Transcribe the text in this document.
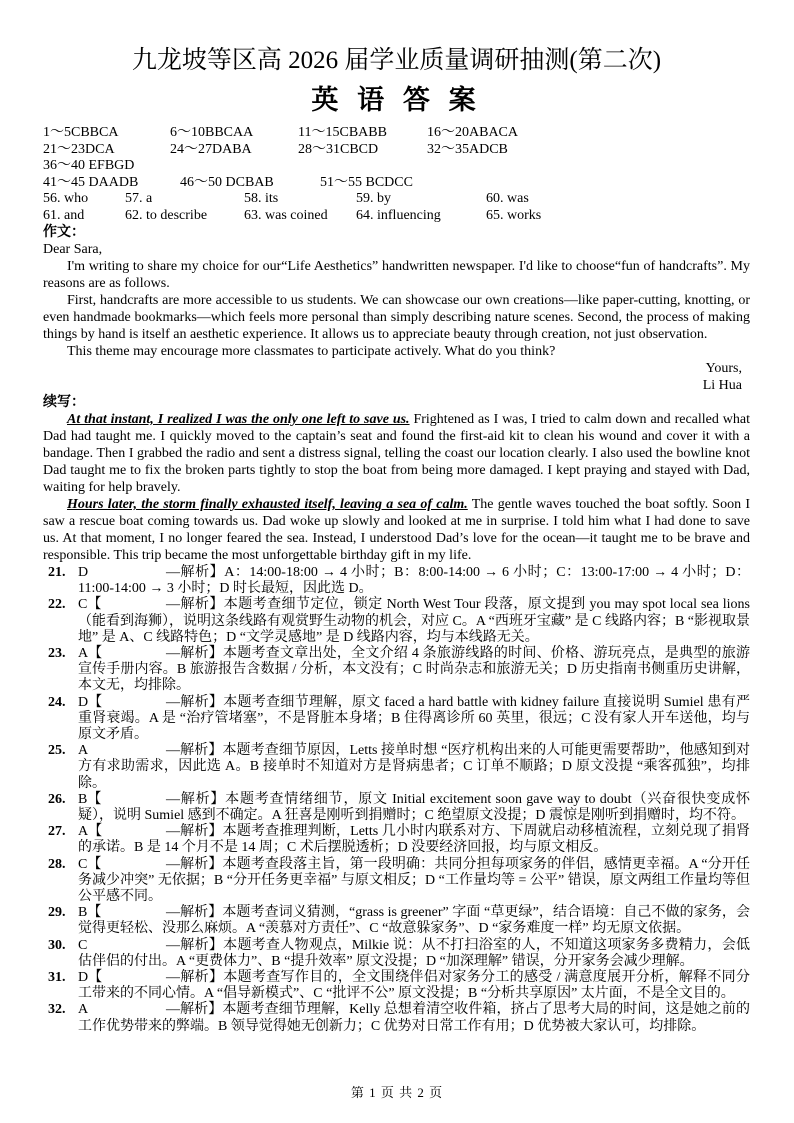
九龙坡等区高 2026 届学业质量调研抽测(第二次)
英 语 答 案
1～5CBBCA	6～10BBCAA	11～15CBABB	16～20ABACA
21～23DCA	24～27DABA	28～31CBCD	32～35ADCB
36～40 EFBGD
41～45 DAADB	46～50 DCBAB	51～55 BCDCC
56. who	57. a	58. its	59. by	60. was
61. and	62. to describe	63. was coined	64. influencing	65. works
作文：

Dear Sara,

I'm writing to share my choice for our“Life Aesthetics” handwritten newspaper. I'd like to choose“fun of handcrafts”. My reasons are as follows.

First, handcrafts are more accessible to us students. We can showcase our own creations—like paper-cutting, knotting, or even handmade bookmarks—which feels more personal than simply describing nature scenes. Second, the process of making things by hand is itself an aesthetic experience. It allows us to appreciate beauty through creation, not just observation.

This theme may encourage more classmates to participate actively. What do you think?

Yours,

Li Hua

续写：

At that instant, I realized I was the only one left to save us. Frightened as I was, I tried to calm down and recalled what Dad had taught me. I quickly moved to the captain’s seat and found the first-aid kit to clean his wound and cover it with a bandage. Then I grabbed the radio and sent a distress signal, telling the coast our location clearly. I also used the bowline knot Dad taught me to fix the broken parts tightly to stop the boat from being more damaged. I kept praying and stayed with Dad, waiting for help bravely.

Hours later, the storm finally exhausted itself, leaving a sea of calm. The gentle waves touched the boat softly. Soon I saw a rescue boat coming towards us. Dad woke up slowly and looked at me in surprise. I told him what I had done to save us. At that moment, I no longer feared the sea. Instead, I understood Dad’s love for the ocean—it taught me to be brave and responsible. This trip became the most unforgettable birthday gift in my life.

21. D	—解析】A：14:00-18:00 → 4 小时；B：8:00-14:00 → 6 小时；C：13:00-17:00 → 4 小时；D：11:00-14:00 → 3 小时；D 时长最短，因此选 D。
22. C【	—解析】本题考查细节定位，锁定 North West Tour 段落，原文提到 you may spot local sea lions（能看到海狮），说明这条线路有观赏野生动物的机会，对应 C。A “西班牙宝藏” 是 C 线路内容；B “影视取景地” 是 A、C 线路特色；D “文学灵感地” 是 D 线路内容，均与本线路无关。
23. A【	—解析】本题考查文章出处，全文介绍 4 条旅游线路的时间、价格、游玩亮点，是典型的旅游宣传手册内容。B 旅游报告含数据 / 分析，本文没有；C 时尚杂志和旅游无关；D 历史指南书侧重历史讲解，本文无，均排除。
24. D【	—解析】本题考查细节理解，原文 faced a hard battle with kidney failure 直接说明 Sumiel 患有严重肾衰竭。A 是 “治疗管堵塞”，不是肾脏本身堵；B 住得离诊所 60 英里，很远；C 没有家人开车送他，均与原文矛盾。
25. A	—解析】本题考查细节原因，Letts 接单时想 “医疗机构出来的人可能更需要帮助”，他感知到对方有求助需求，因此选 A。B 接单时不知道对方是肾病患者；C 订单不顺路；D 原文没提 “乘客孤独”，均排除。
26. B【	—解析】本题考查情绪细节，原文 Initial excitement soon gave way to doubt（兴奋很快变成怀疑），说明 Sumiel 感到不确定。A 狂喜是刚听到捐赠时；C 绝望原文没提；D 震惊是刚听到捐赠时，均不符。
27. A【	—解析】本题考查推理判断，Letts 几小时内联系对方、下周就启动移植流程，立刻兑现了捐肾的承诺。B 是 14 个月不是 14 周；C 术后摆脱透析；D 没要经济回报，均与原文相反。
28. C【	—解析】本题考查段落主旨，第一段明确：共同分担每项家务的伴侣，感情更幸福。A “分开任务减少冲突” 无依据；B “分开任务更幸福” 与原文相反；D “工作量均等 = 公平” 错误，原文两组工作量均等但公平感不同。
29. B【	—解析】本题考查词义猜测，“grass is greener” 字面 “草更绿”，结合语境：自己不做的家务，会觉得更轻松、没那么麻烦。A “羡慕对方责任”、C “故意躲家务”、D “家务难度一样” 均无原文依据。
30. C	—解析】本题考查人物观点，Milkie 说：从不打扫浴室的人，不知道这项家务多费精力，会低估伴侣的付出。A “更费体力”、B “提升效率” 原文没提；D “加深理解” 错误，分开家务会减少理解。
31. D【	—解析】本题考查写作目的，全文围绕伴侣对家务分工的感受 / 满意度展开分析，解释不同分工带来的不同心情。A “倡导新模式”、C “批评不公” 原文没提；B “分析共享原因” 太片面，不是全文目的。
32. A	—解析】本题考查细节理解，Kelly 总想着清空收件箱，挤占了思考大局的时间，这是她之前的工作优势带来的弊端。B 领导觉得她无创新力；C 优势对日常工作有用；D 优势被大家认可，均排除。
第 1 页 共 2 页
